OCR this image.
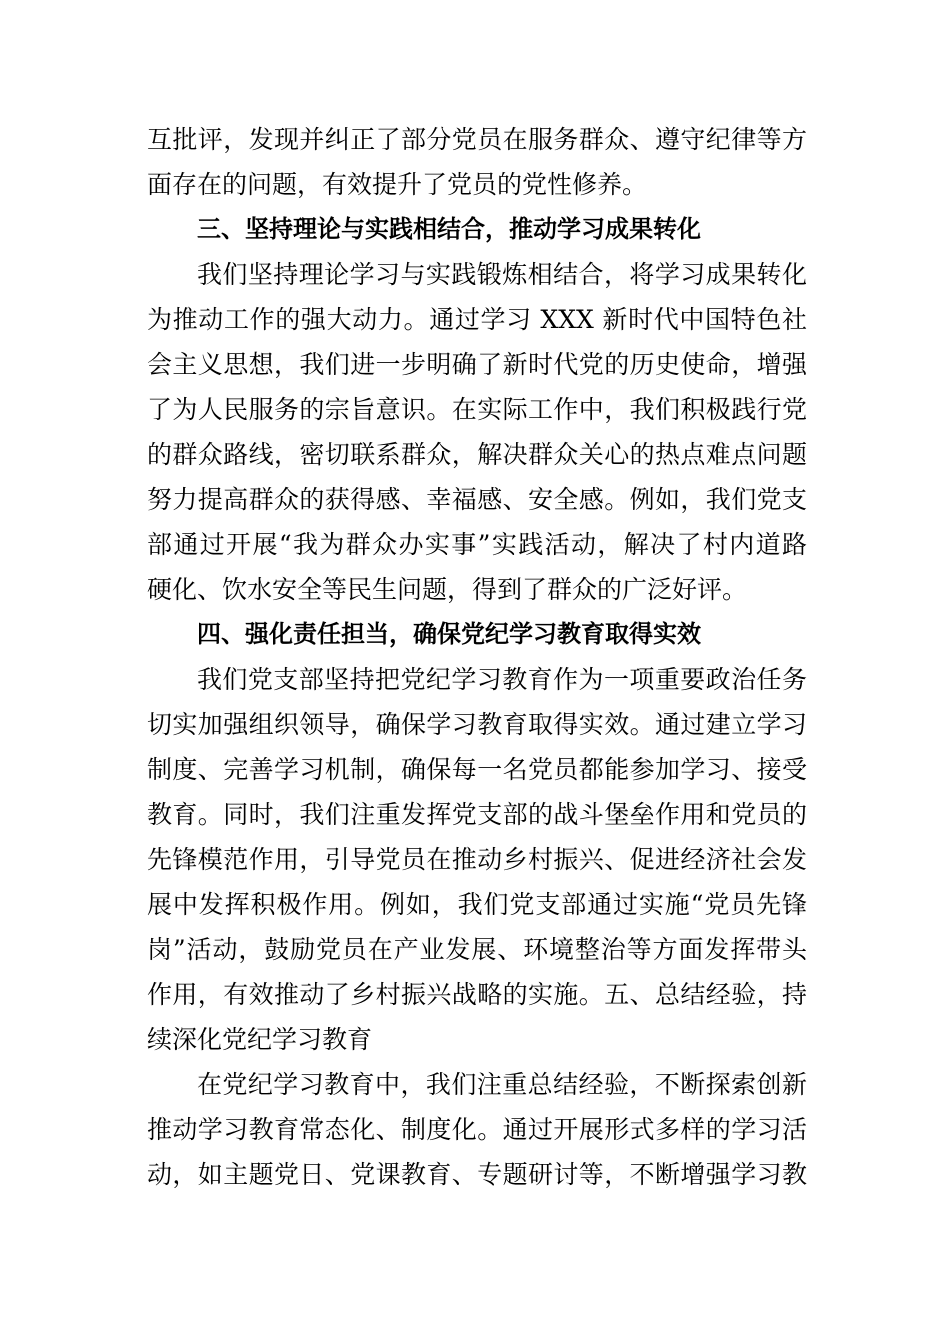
互批评，发现并纠正了部分党员在服务群众、遵守纪律等方
面存在的问题，有效提升了党员的党性修养。
三、坚持理论与实践相结合，推动学习成果转化
我们坚持理论学习与实践锻炼相结合，将学习成果转化
为推动工作的强大动力。通过学习 XXX 新时代中国特色社
会主义思想，我们进一步明确了新时代党的历史使命，增强
了为人民服务的宗旨意识。在实际工作中，我们积极践行党
的群众路线，密切联系群众，解决群众关心的热点难点问题
努力提高群众的获得感、幸福感、安全感。例如，我们党支
部通过开展“我为群众办实事”实践活动，解决了村内道路
硬化、饮水安全等民生问题，得到了群众的广泛好评。
四、强化责任担当，确保党纪学习教育取得实效
我们党支部坚持把党纪学习教育作为一项重要政治任务
切实加强组织领导，确保学习教育取得实效。通过建立学习
制度、完善学习机制，确保每一名党员都能参加学习、接受
教育。同时，我们注重发挥党支部的战斗堡垒作用和党员的
先锋模范作用，引导党员在推动乡村振兴、促进经济社会发
展中发挥积极作用。例如，我们党支部通过实施“党员先锋
岗”活动，鼓励党员在产业发展、环境整治等方面发挥带头
作用，有效推动了乡村振兴战略的实施。五、总结经验，持
续深化党纪学习教育
在党纪学习教育中，我们注重总结经验，不断探索创新
推动学习教育常态化、制度化。通过开展形式多样的学习活
动，如主题党日、党课教育、专题研讨等，不断增强学习教
